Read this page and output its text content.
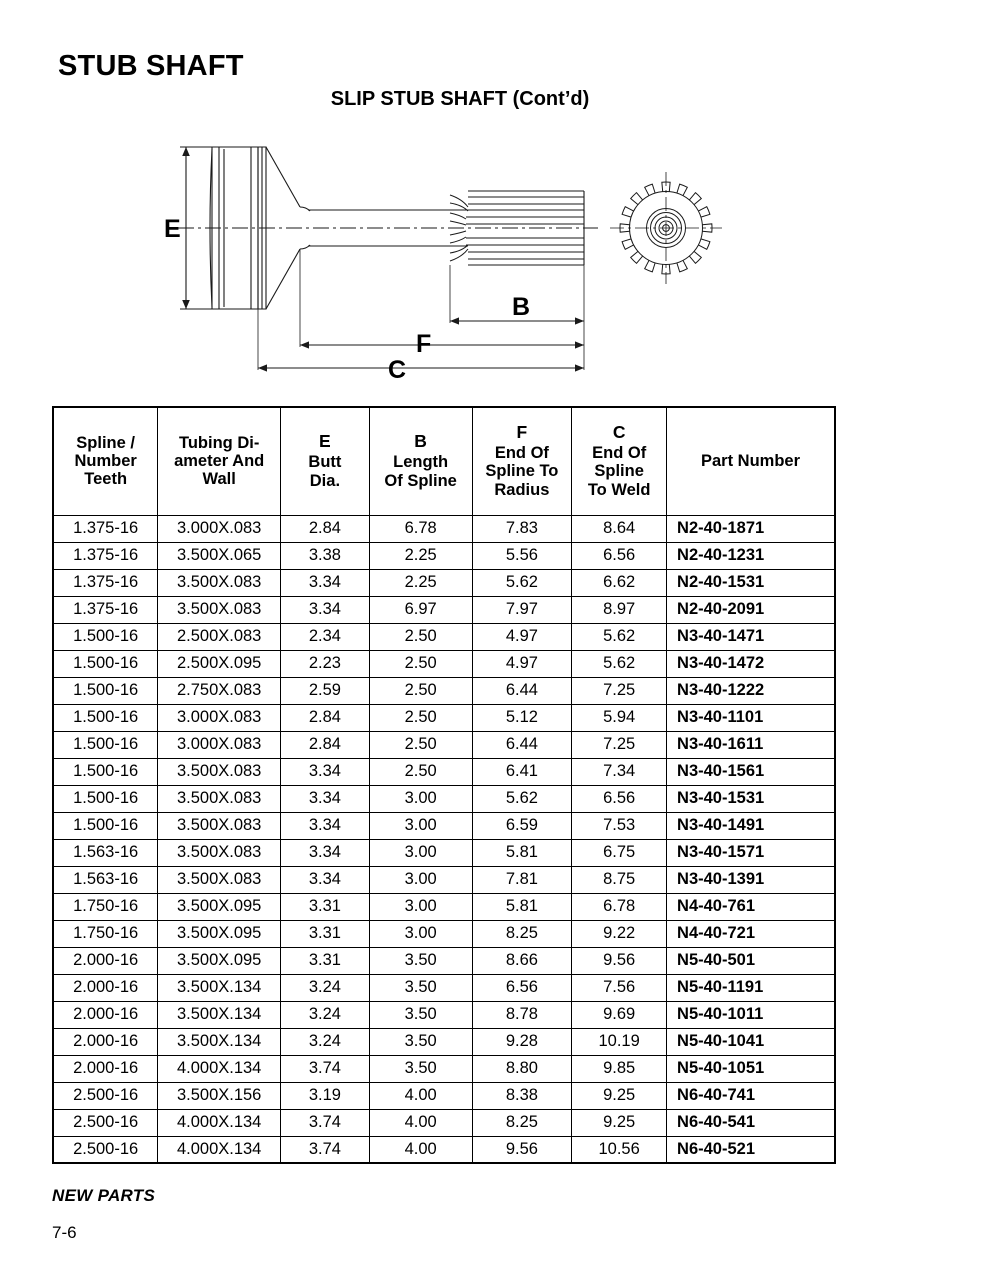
STUB SHAFT
SLIP STUB SHAFT (Cont’d)
E
B
F
C
Spline /
Number
Teeth	Tubing Di-
ameter And
Wall	E
Butt
Dia.	B
Length
Of Spline	F
End Of
Spline To
Radius	C
End Of
Spline
To Weld	Part Number

1.375-16	3.000X.083	2.84	6.78	7.83	8.64	N2-40-1871
1.375-16	3.500X.065	3.38	2.25	5.56	6.56	N2-40-1231
1.375-16	3.500X.083	3.34	2.25	5.62	6.62	N2-40-1531
1.375-16	3.500X.083	3.34	6.97	7.97	8.97	N2-40-2091
1.500-16	2.500X.083	2.34	2.50	4.97	5.62	N3-40-1471
1.500-16	2.500X.095	2.23	2.50	4.97	5.62	N3-40-1472
1.500-16	2.750X.083	2.59	2.50	6.44	7.25	N3-40-1222
1.500-16	3.000X.083	2.84	2.50	5.12	5.94	N3-40-1101
1.500-16	3.000X.083	2.84	2.50	6.44	7.25	N3-40-1611
1.500-16	3.500X.083	3.34	2.50	6.41	7.34	N3-40-1561
1.500-16	3.500X.083	3.34	3.00	5.62	6.56	N3-40-1531
1.500-16	3.500X.083	3.34	3.00	6.59	7.53	N3-40-1491
1.563-16	3.500X.083	3.34	3.00	5.81	6.75	N3-40-1571
1.563-16	3.500X.083	3.34	3.00	7.81	8.75	N3-40-1391
1.750-16	3.500X.095	3.31	3.00	5.81	6.78	N4-40-761
1.750-16	3.500X.095	3.31	3.00	8.25	9.22	N4-40-721
2.000-16	3.500X.095	3.31	3.50	8.66	9.56	N5-40-501
2.000-16	3.500X.134	3.24	3.50	6.56	7.56	N5-40-1191
2.000-16	3.500X.134	3.24	3.50	8.78	9.69	N5-40-1011
2.000-16	3.500X.134	3.24	3.50	9.28	10.19	N5-40-1041
2.000-16	4.000X.134	3.74	3.50	8.80	9.85	N5-40-1051
2.500-16	3.500X.156	3.19	4.00	8.38	9.25	N6-40-741
2.500-16	4.000X.134	3.74	4.00	8.25	9.25	N6-40-541
2.500-16	4.000X.134	3.74	4.00	9.56	10.56	N6-40-521
NEW PARTS
7-6
